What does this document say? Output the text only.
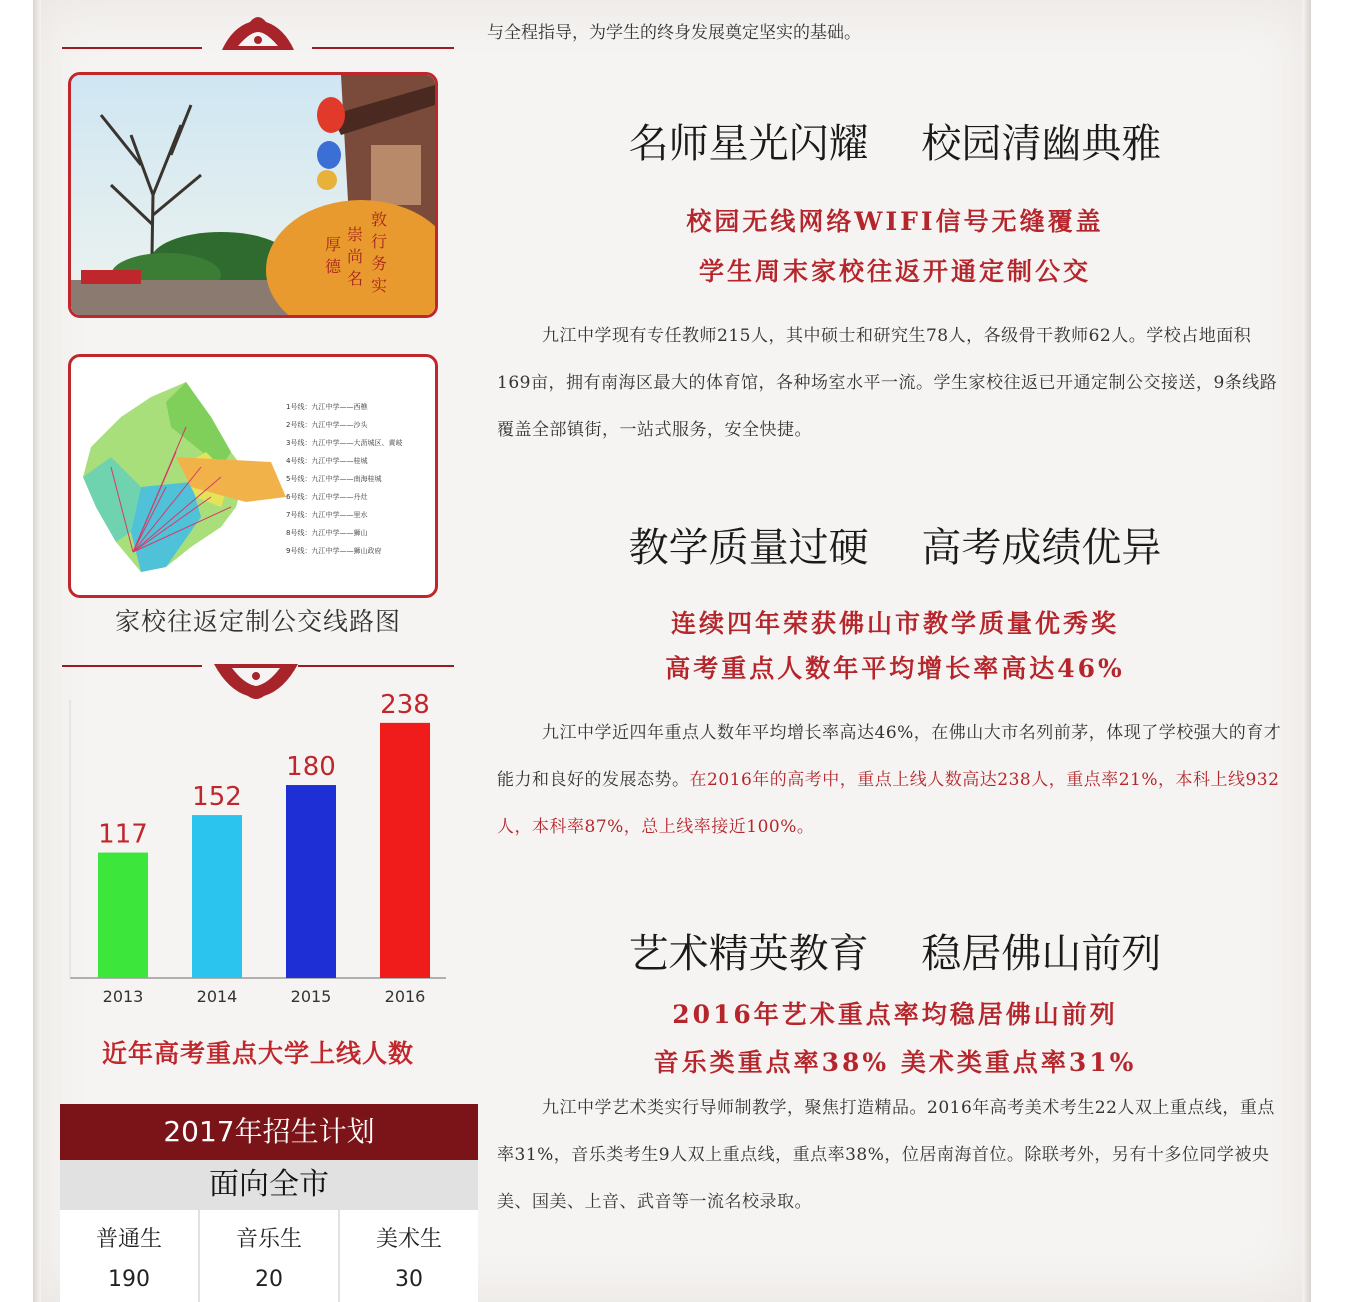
敦
行
务
实
崇
尚
名
厚
德
1号线：九江中学——西樵
2号线：九江中学——沙头
3号线：九江中学——大沥城区、黄岐
4号线：九江中学——桂城
5号线：九江中学——南海桂城
6号线：九江中学——丹灶
7号线：九江中学——里水
8号线：九江中学——狮山
9号线：九江中学——狮山政府
家校往返定制公交线路图
117
2013
152
2014
180
2015
238
2016
近年高考重点大学上线人数
2017年招生计划
面向全市
普通生
190
音乐生
20
美术生
30
与全程指导，为学生的终身发展奠定坚实的基础。
名师星光闪耀 校园清幽典雅
校园无线网络WIFI信号无缝覆盖
学生周末家校往返开通定制公交
九江中学现有专任教师215人，其中硕士和研究生78人，各级骨干教师62人。学校占地面积169亩，拥有南海区最大的体育馆，各种场室水平一流。学生家校往返已开通定制公交接送，9条线路覆盖全部镇街，一站式服务，安全快捷。
教学质量过硬 高考成绩优异
连续四年荣获佛山市教学质量优秀奖
高考重点人数年平均增长率高达46%
九江中学近四年重点人数年平均增长率高达46%，在佛山大市名列前茅，体现了学校强大的育才能力和良好的发展态势。在2016年的高考中，重点上线人数高达238人，重点率21%，本科上线932人，本科率87%，总上线率接近100%。
艺术精英教育 稳居佛山前列
2016年艺术重点率均稳居佛山前列
音乐类重点率38% 美术类重点率31%
九江中学艺术类实行导师制教学，聚焦打造精品。2016年高考美术考生22人双上重点线，重点率31%，音乐类考生9人双上重点线，重点率38%，位居南海首位。除联考外，另有十多位同学被央美、国美、上音、武音等一流名校录取。
